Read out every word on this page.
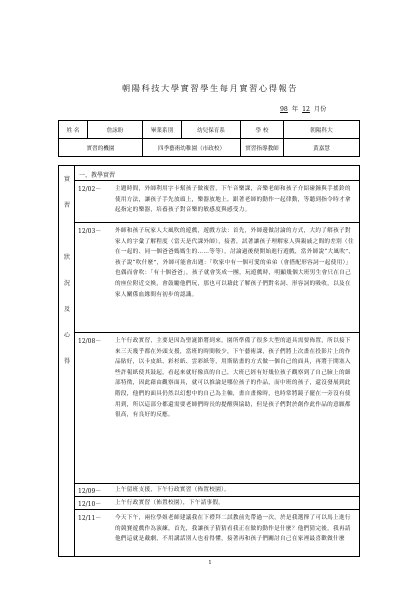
朝陽科技大學實習學生每月實習心得報告
98 年 12 月份
姓 名	詹詠盼	畢業系別	幼兒保育系	學 校	朝陽科大
實習的機園		四季藝術幼稚園（市政校）		實習指導教師	黃嘉慧
實
習
狀
況
及
心
得
一、教學實習
12/02－	主題時間，外師利用字卡幫孩子做複習，下午音樂課，音樂老師和孩子介紹碰鐘與手搖鈴的使用方法，讓孩子手先放頭上，樂器放地上，跟著老師的動作一起律動，等聽到指令時才拿起指定的樂器，培養孩子對音樂的敏感度與感受力。
12/03－	外師和孩子玩家人大風吹的遊戲，遊戲方法：首先，外師邊做討論的方式，大約了解孩子對家人的字彙了解程度（當天是代課外師），接著，試著讓孩子理解家人與親戚之間的差別（住在一起的、同一個爸爸媽媽生的……等等），討論過後便開始進行遊戲，當外師說“大風吹”，孩子說“吹什麼”，外師可能會出題：「吹家中有一個可愛的弟弟（會搭配形容詞一起使用）」也偶而會吹：「有十個爸爸」，孩子就會笑成一團，玩遊戲時，明顯幾個大班男生會只在自己的座位附近交換，會鼓勵他們玩，那也可以藉此了解孩子們對名詞、形容詞的吸收，以及在家人關係血緣間有初步的認識。
12/08－	上午行政實習，主要是因為聖誕節將到來，園所準備了很多大型的道具需要佈置，所以接下來三天幾乎都在外頭支援，當班的時間較少，下午藝術課，孩子們將上次畫在投影片上的作品貼好，以卡皮紙、彩杉紙、雲彩紙等，用斯貼畫的方式做一個自己的面具，再將于開塞入些許報紙使其鼓起，看起來就好像真的自己，大班已經有好幾位孩子觀察到了自己臉上的細部特徵，因此藉由觀察面具，就可以推論是哪位孩子的作品，而中班的孩子，還沒發展到此階段，他們的面具仍然以幻想中的自己為主軸，畫自畫像時，也時常將鏡子擺在一旁沒有使用到，所以這部分都還需要老師們時長的提醒與協助，但是孩子們對於創作此作品的意願都很高，有良好的反應。
12/09－	上午留班支援，下午行政實習（佈置校園）。
12/10－	上午行政實習（佈置校園），下午請事假。
12/11－	今天下午，兩位學姐老師建議我在下禮拜二試教前先帶過一次，於是我選擇了可以馬上進行的競賽遊戲作為演練，首先，我讓孩子猜猜看我正在做的動作是什麼？他們猜完後，我再請他們這就是戴劇，不用講話別人也看得懂，接著再和孩子們關討自己在家裡最喜歡做什麼
1
